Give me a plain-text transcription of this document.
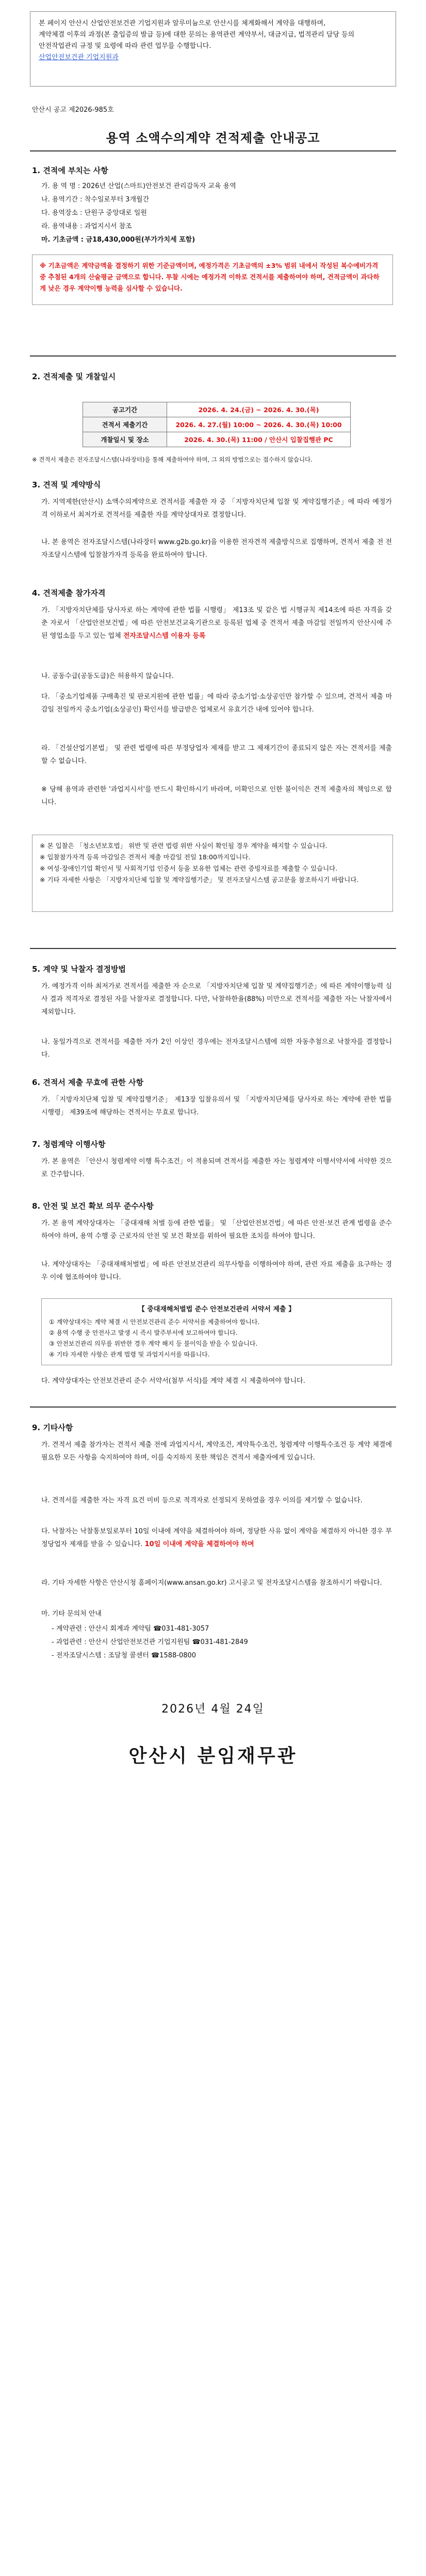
본 페이지 안산시 산업안전보건관 기업지원과 알루미늄으로 안산시를 체계화해서 계약을 대행하며,
계약체결 이후의 과정(본 출입증의 발급 등)에 대한 문의는 용역관련 계약부서, 대금지급, 법적관리 담당 등의
안전작업관리 규정 및 요령에 따라 관련 업무를 수행합니다.
산업안전보건관 기업지원과
안산시 공고 제2026-985호
용역 소액수의계약 견적제출 안내공고
1. 견적에 부치는 사항
가. 용 역 명 : 2026년 산업(스마트)안전보건 관리감독자 교육 용역
나. 용역기간 : 착수일로부터 3개월간
다. 용역장소 : 단원구 중앙대로 일원
라. 용역내용 : 과업지시서 참조
마. 기초금액 : 금18,430,000원(부가가치세 포함)
※ 기초금액은 계약금액을 결정하기 위한 기준금액이며, 예정가격은 기초금액의 ±3% 범위 내에서 작성된 복수예비가격 중 추첨된 4개의 산술평균 금액으로 합니다. 투찰 시에는 예정가격 이하로 견적서를 제출하여야 하며, 견적금액이 과다하게 낮은 경우 계약이행 능력을 심사할 수 있습니다.
2. 견적제출 및 개찰일시
공고기간	2026. 4. 24.(금) ~ 2026. 4. 30.(목)
견적서 제출기간	2026. 4. 27.(월) 10:00 ~ 2026. 4. 30.(목) 10:00
개찰일시 및 장소	2026. 4. 30.(목) 11:00 / 안산시 입찰집행관 PC
※ 견적서 제출은 전자조달시스템(나라장터)을 통해 제출하여야 하며, 그 외의 방법으로는 접수하지 않습니다.
3. 견적 및 계약방식
가. 지역제한(안산시) 소액수의계약으로 견적서를 제출한 자 중 「지방자치단체 입찰 및 계약집행기준」에 따라 예정가격 이하로서 최저가로 견적서를 제출한 자를 계약상대자로 결정합니다.
나. 본 용역은 전자조달시스템(나라장터 www.g2b.go.kr)을 이용한 전자견적 제출방식으로 집행하며, 견적서 제출 전 전자조달시스템에 입찰참가자격 등록을 완료하여야 합니다.
4. 견적제출 참가자격
가. 「지방자치단체를 당사자로 하는 계약에 관한 법률 시행령」 제13조 및 같은 법 시행규칙 제14조에 따른 자격을 갖춘 자로서 「산업안전보건법」에 따른 안전보건교육기관으로 등록된 업체 중 견적서 제출 마감일 전일까지 안산시에 주된 영업소를 두고 있는 업체 전자조달시스템 이용자 등록
나. 공동수급(공동도급)은 허용하지 않습니다.
다. 「중소기업제품 구매촉진 및 판로지원에 관한 법률」에 따라 중소기업·소상공인만 참가할 수 있으며, 견적서 제출 마감일 전일까지 중소기업(소상공인) 확인서를 발급받은 업체로서 유효기간 내에 있어야 합니다.
라. 「건설산업기본법」 및 관련 법령에 따른 부정당업자 제재를 받고 그 제재기간이 종료되지 않은 자는 견적서를 제출할 수 없습니다.
※ 당해 용역과 관련한 '과업지시서'를 반드시 확인하시기 바라며, 미확인으로 인한 불이익은 견적 제출자의 책임으로 합니다.
※ 본 입찰은 「청소년보호법」 위반 및 관련 법령 위반 사실이 확인될 경우 계약을 해지할 수 있습니다.
※ 입찰참가자격 등록 마감일은 견적서 제출 마감일 전일 18:00까지입니다.
※ 여성·장애인기업 확인서 및 사회적기업 인증서 등을 보유한 업체는 관련 증빙자료를 제출할 수 있습니다.
※ 기타 자세한 사항은 「지방자치단체 입찰 및 계약집행기준」 및 전자조달시스템 공고문을 참조하시기 바랍니다.
5. 계약 및 낙찰자 결정방법
가. 예정가격 이하 최저가로 견적서를 제출한 자 순으로 「지방자치단체 입찰 및 계약집행기준」에 따른 계약이행능력 심사 결과 적격자로 결정된 자를 낙찰자로 결정합니다. 다만, 낙찰하한율(88%) 미만으로 견적서를 제출한 자는 낙찰자에서 제외합니다.
나. 동일가격으로 견적서를 제출한 자가 2인 이상인 경우에는 전자조달시스템에 의한 자동추첨으로 낙찰자를 결정합니다.
6. 견적서 제출 무효에 관한 사항
가. 「지방자치단체 입찰 및 계약집행기준」 제13장 입찰유의서 및 「지방자치단체를 당사자로 하는 계약에 관한 법률 시행령」 제39조에 해당하는 견적서는 무효로 합니다.
7. 청렴계약 이행사항
가. 본 용역은 「안산시 청렴계약 이행 특수조건」이 적용되며 견적서를 제출한 자는 청렴계약 이행서약서에 서약한 것으로 간주합니다.
8. 안전 및 보건 확보 의무 준수사항
가. 본 용역 계약상대자는 「중대재해 처벌 등에 관한 법률」 및 「산업안전보건법」에 따른 안전·보건 관계 법령을 준수하여야 하며, 용역 수행 중 근로자의 안전 및 보건 확보를 위하여 필요한 조치를 하여야 합니다.
나. 계약상대자는 「중대재해처벌법」에 따른 안전보건관리 의무사항을 이행하여야 하며, 관련 자료 제출을 요구하는 경우 이에 협조하여야 합니다.
【 중대재해처벌법 준수 안전보건관리 서약서 제출 】
① 계약상대자는 계약 체결 시 안전보건관리 준수 서약서를 제출하여야 합니다.
② 용역 수행 중 안전사고 발생 시 즉시 발주부서에 보고하여야 합니다.
③ 안전보건관리 의무를 위반한 경우 계약 해지 등 불이익을 받을 수 있습니다.
④ 기타 자세한 사항은 관계 법령 및 과업지시서를 따릅니다.
다. 계약상대자는 안전보건관리 준수 서약서(첨부 서식)를 계약 체결 시 제출하여야 합니다.
9. 기타사항
가. 견적서 제출 참가자는 견적서 제출 전에 과업지시서, 계약조건, 계약특수조건, 청렴계약 이행특수조건 등 계약 체결에 필요한 모든 사항을 숙지하여야 하며, 이를 숙지하지 못한 책임은 견적서 제출자에게 있습니다.
나. 견적서를 제출한 자는 자격 요건 미비 등으로 적격자로 선정되지 못하였을 경우 이의를 제기할 수 없습니다.
다. 낙찰자는 낙찰통보일로부터 10일 이내에 계약을 체결하여야 하며, 정당한 사유 없이 계약을 체결하지 아니한 경우 부정당업자 제재를 받을 수 있습니다. 10일 이내에 계약을 체결하여야 하며
라. 기타 자세한 사항은 안산시청 홈페이지(www.ansan.go.kr) 고시공고 및 전자조달시스템을 참조하시기 바랍니다.
마. 기타 문의처 안내
- 계약관련 : 안산시 회계과 계약팀 ☎031-481-3057
- 과업관련 : 안산시 산업안전보건관 기업지원팀 ☎031-481-2849
- 전자조달시스템 : 조달청 콜센터 ☎1588-0800
2026년 4월 24일
안산시 분임재무관
